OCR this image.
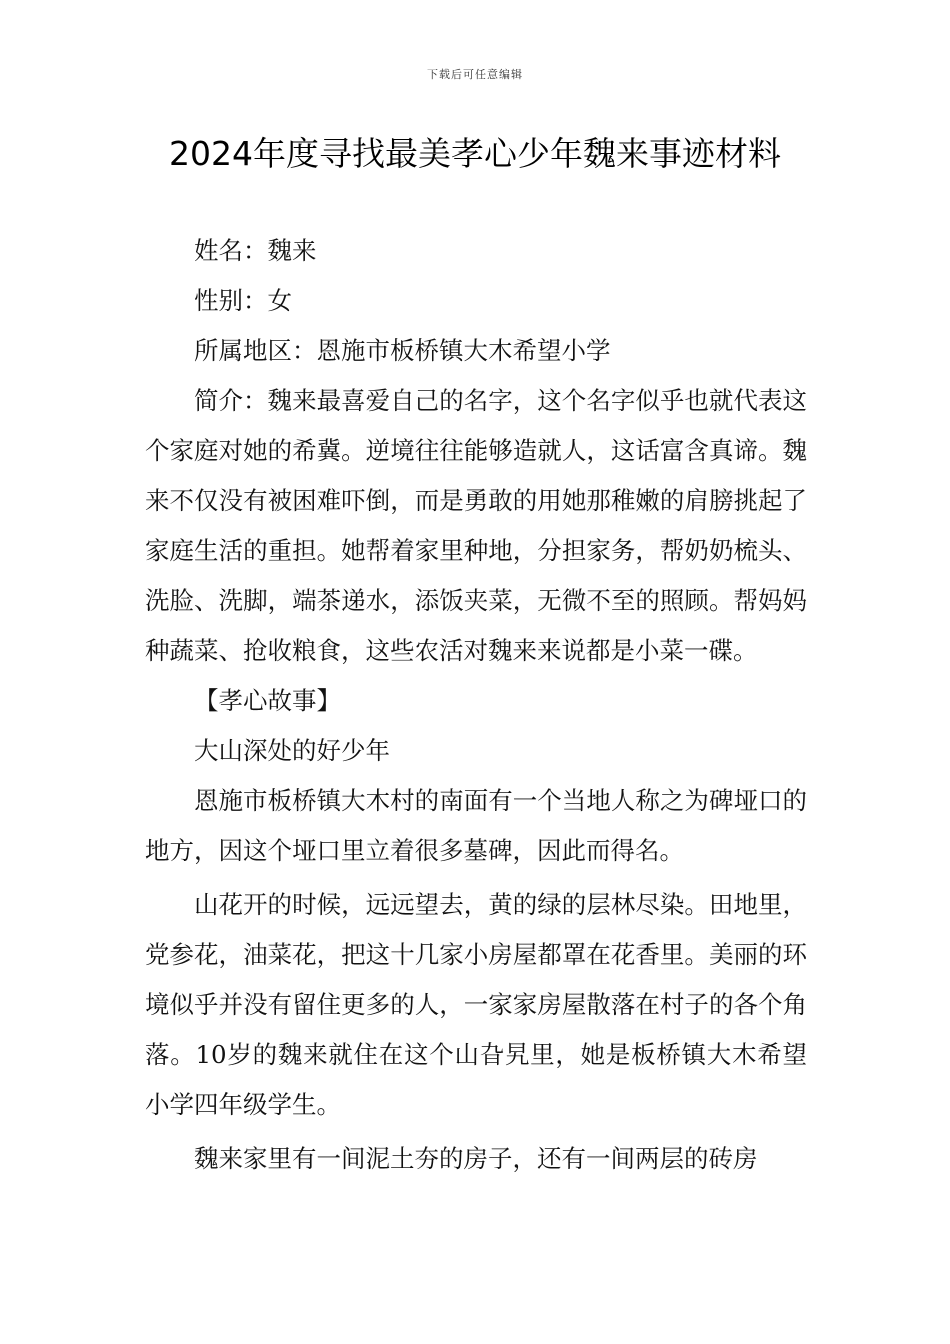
下载后可任意编辑
2024年度寻找最美孝心少年魏来事迹材料

姓名：魏来

性别：女

所属地区：恩施市板桥镇大木希望小学

简介：魏来最喜爱自己的名字，这个名字似乎也就代表这个家庭对她的希冀。逆境往往能够造就人，这话富含真谛。魏来不仅没有被困难吓倒，而是勇敢的用她那稚嫩的肩膀挑起了家庭生活的重担。她帮着家里种地，分担家务，帮奶奶梳头、洗脸、洗脚，端茶递水，添饭夹菜，无微不至的照顾。帮妈妈种蔬菜、抢收粮食，这些农活对魏来来说都是小菜一碟。

【孝心故事】

大山深处的好少年

恩施市板桥镇大木村的南面有一个当地人称之为碑垭口的地方，因这个垭口里立着很多墓碑，因此而得名。

山花开的时候，远远望去，黄的绿的层林尽染。田地里，党参花，油菜花，把这十几家小房屋都罩在花香里。美丽的环境似乎并没有留住更多的人，一家家房屋散落在村子的各个角落。10岁的魏来就住在这个山旮旯里，她是板桥镇大木希望小学四年级学生。

魏来家里有一间泥土夯的房子，还有一间两层的砖房
